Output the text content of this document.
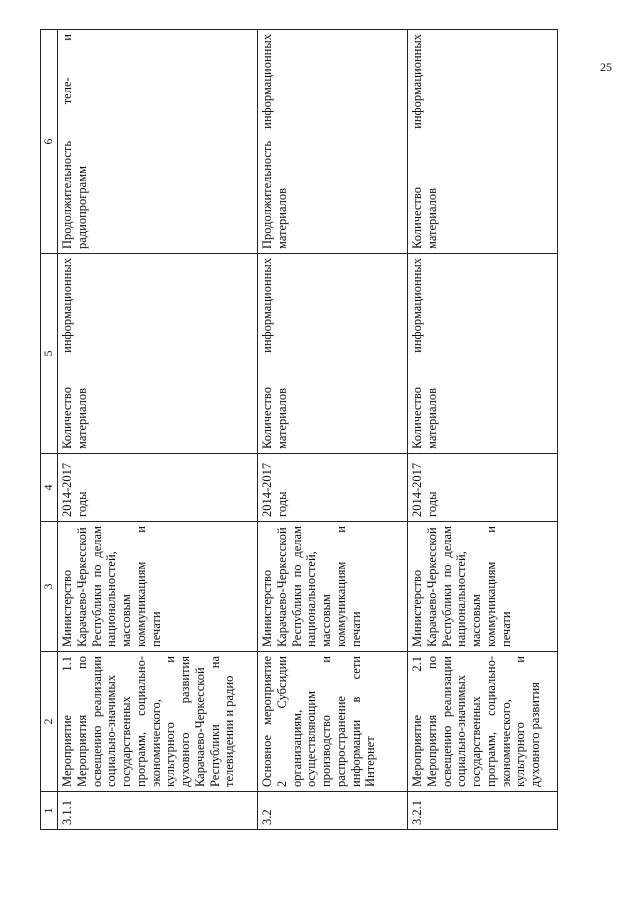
25
1	2	3	4	5	6
3.1.1	Мероприятие 1.1 Мероприятия по освещению реализации социально-значимых государственных программ, социально-экономического, культурного и духовного развития Карачаево-Черкесской Республики на телевидении и радио	Министерство Карачаево-Черкесской Республики по делам национальностей, массовым коммуникациям и печати	2014-2017 годы	Количество информационных материалов	Продолжительность теле- и радиопрограмм
3.2	Основное мероприятие 2 Субсидии организациям, осуществляющим производство и распространение информации в сети Интернет	Министерство Карачаево-Черкесской Республики по делам национальностей, массовым коммуникациям и печати	2014-2017 годы	Количество информационных материалов	Продолжительность информационных материалов
3.2.1	Мероприятие 2.1 Мероприятия по освещению реализации социально-значимых государственных программ, социально-экономического, культурного и духовного развития	Министерство Карачаево-Черкесской Республики по делам национальностей, массовым коммуникациям и печати	2014-2017 годы	Количество информационных материалов	Количество информационных материалов
